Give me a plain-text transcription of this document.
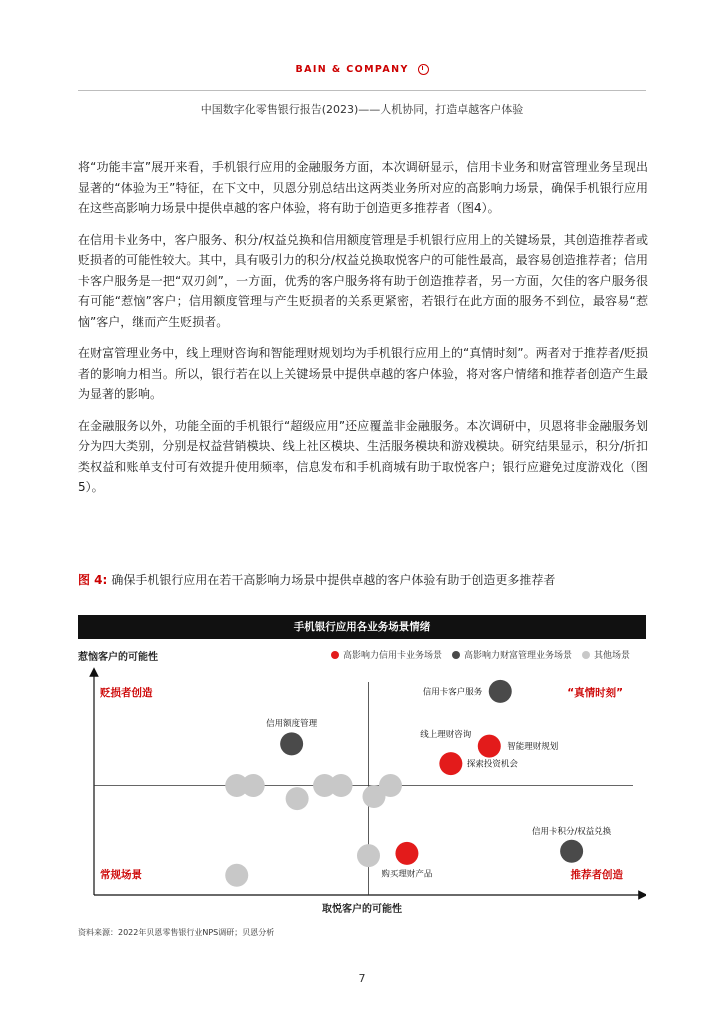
BAIN & COMPANY
中国数字化零售银行报告(2023)——人机协同，打造卓越客户体验

将“功能丰富”展开来看，手机银行应用的金融服务方面，本次调研显示，信用卡业务和财富管理业务呈现出显著的“体验为王”特征，在下文中，贝恩分别总结出这两类业务所对应的高影响力场景，确保手机银行应用在这些高影响力场景中提供卓越的客户体验，将有助于创造更多推荐者（图4）。

在信用卡业务中，客户服务、积分/权益兑换和信用额度管理是手机银行应用上的关键场景，其创造推荐者或贬损者的可能性较大。其中，具有吸引力的积分/权益兑换取悦客户的可能性最高，最容易创造推荐者；信用卡客户服务是一把“双刃剑”，一方面，优秀的客户服务将有助于创造推荐者，另一方面，欠佳的客户服务很有可能“惹恼”客户；信用额度管理与产生贬损者的关系更紧密，若银行在此方面的服务不到位，最容易“惹恼”客户，继而产生贬损者。

在财富管理业务中，线上理财咨询和智能理财规划均为手机银行应用上的“真情时刻”。两者对于推荐者/贬损者的影响力相当。所以，银行若在以上关键场景中提供卓越的客户体验，将对客户情绪和推荐者创造产生最为显著的影响。

在金融服务以外，功能全面的手机银行“超级应用”还应覆盖非金融服务。本次调研中，贝恩将非金融服务划分为四大类别，分别是权益营销模块、线上社区模块、生活服务模块和游戏模块。研究结果显示，积分/折扣类权益和账单支付可有效提升使用频率，信息发布和手机商城有助于取悦客户；银行应避免过度游戏化（图5）。

图 4: 确保手机银行应用在若干高影响力场景中提供卓越的客户体验有助于创造更多推荐者
手机银行应用各业务场景情绪
惹恼客户的可能性	高影响力信用卡业务场景 高影响力财富管理业务场景 其他场景
贬损者创造	“真情时刻”
常规场景	推荐者创造
信用卡客户服务
信用额度管理
线上理财咨询
智能理财规划
探索投资机会
购买理财产品
信用卡积分/权益兑换
取悦客户的可能性
资料来源：2022年贝恩零售银行业NPS调研；贝恩分析
7
